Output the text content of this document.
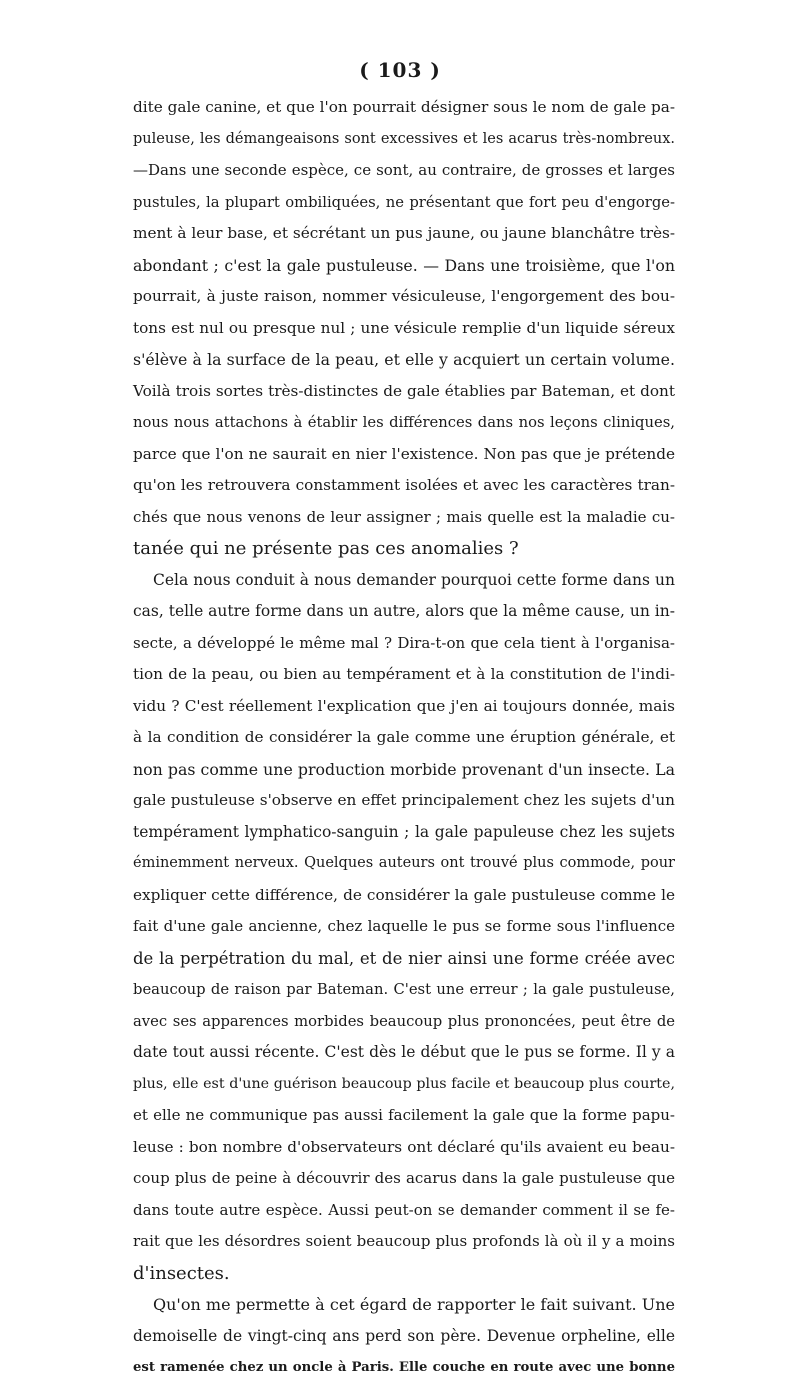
( 103 )
dite gale canine, et que l'on pourrait désigner sous le nom de gale pa-
puleuse, les démangeaisons sont excessives et les acarus très-nombreux.
—Dans une seconde espèce, ce sont, au contraire, de grosses et larges
pustules, la plupart ombiliquées, ne présentant que fort peu d'engorge-
ment à leur base, et sécrétant un pus jaune, ou jaune blanchâtre très-
abondant ; c'est la gale pustuleuse. — Dans une troisième, que l'on
pourrait, à juste raison, nommer vésiculeuse, l'engorgement des bou-
tons est nul ou presque nul ; une vésicule remplie d'un liquide séreux
s'élève à la surface de la peau, et elle y acquiert un certain volume.
Voilà trois sortes très-distinctes de gale établies par Bateman, et dont
nous nous attachons à établir les différences dans nos leçons cliniques,
parce que l'on ne saurait en nier l'existence. Non pas que je prétende
qu'on les retrouvera constamment isolées et avec les caractères tran-
chés que nous venons de leur assigner ; mais quelle est la maladie cu-
tanée qui ne présente pas ces anomalies ?
Cela nous conduit à nous demander pourquoi cette forme dans un
cas, telle autre forme dans un autre, alors que la même cause, un in-
secte, a développé le même mal ? Dira-t-on que cela tient à l'organisa-
tion de la peau, ou bien au tempérament et à la constitution de l'indi-
vidu ? C'est réellement l'explication que j'en ai toujours donnée, mais
à la condition de considérer la gale comme une éruption générale, et
non pas comme une production morbide provenant d'un insecte. La
gale pustuleuse s'observe en effet principalement chez les sujets d'un
tempérament lymphatico-sanguin ; la gale papuleuse chez les sujets
éminemment nerveux. Quelques auteurs ont trouvé plus commode, pour
expliquer cette différence, de considérer la gale pustuleuse comme le
fait d'une gale ancienne, chez laquelle le pus se forme sous l'influence
de la perpétration du mal, et de nier ainsi une forme créée avec
beaucoup de raison par Bateman. C'est une erreur ; la gale pustuleuse,
avec ses apparences morbides beaucoup plus prononcées, peut être de
date tout aussi récente. C'est dès le début que le pus se forme. Il y a
plus, elle est d'une guérison beaucoup plus facile et beaucoup plus courte,
et elle ne communique pas aussi facilement la gale que la forme papu-
leuse : bon nombre d'observateurs ont déclaré qu'ils avaient eu beau-
coup plus de peine à découvrir des acarus dans la gale pustuleuse que
dans toute autre espèce. Aussi peut-on se demander comment il se fe-
rait que les désordres soient beaucoup plus profonds là où il y a moins
d'insectes.
Qu'on me permette à cet égard de rapporter le fait suivant. Une
demoiselle de vingt-cinq ans perd son père. Devenue orpheline, elle
est ramenée chez un oncle à Paris. Elle couche en route avec une bonne
